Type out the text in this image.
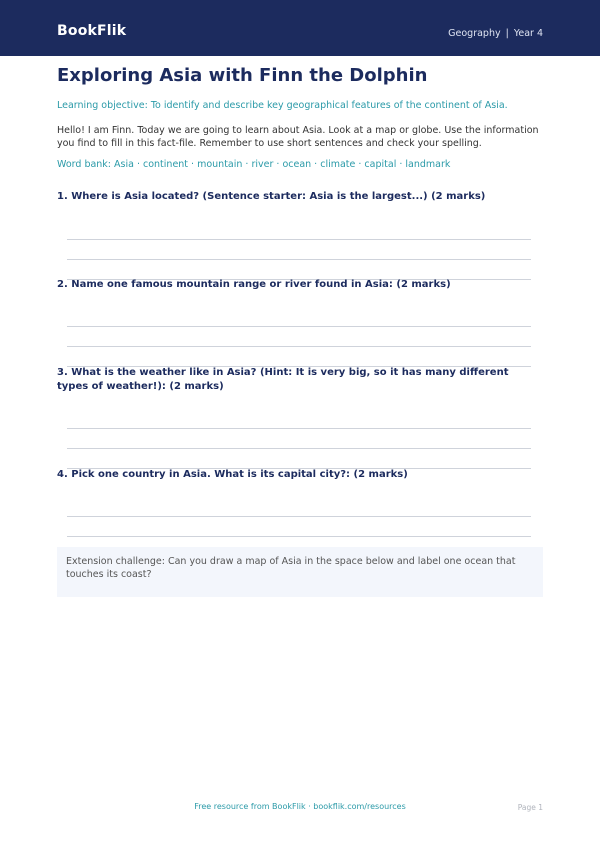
BookFlik	Geography | Year 4
Exploring Asia with Finn the Dolphin
Learning objective: To identify and describe key geographical features of the continent of Asia.
Hello! I am Finn. Today we are going to learn about Asia. Look at a map or globe. Use the information you find to fill in this fact-file. Remember to use short sentences and check your spelling.
Word bank: Asia · continent · mountain · river · ocean · climate · capital · landmark
1. Where is Asia located? (Sentence starter: Asia is the largest...) (2 marks)
2. Name one famous mountain range or river found in Asia: (2 marks)
3. What is the weather like in Asia? (Hint: It is very big, so it has many different types of weather!): (2 marks)
4. Pick one country in Asia. What is its capital city?: (2 marks)
Extension challenge: Can you draw a map of Asia in the space below and label one ocean that touches its coast?
Free resource from BookFlik · bookflik.com/resources	Page 1
